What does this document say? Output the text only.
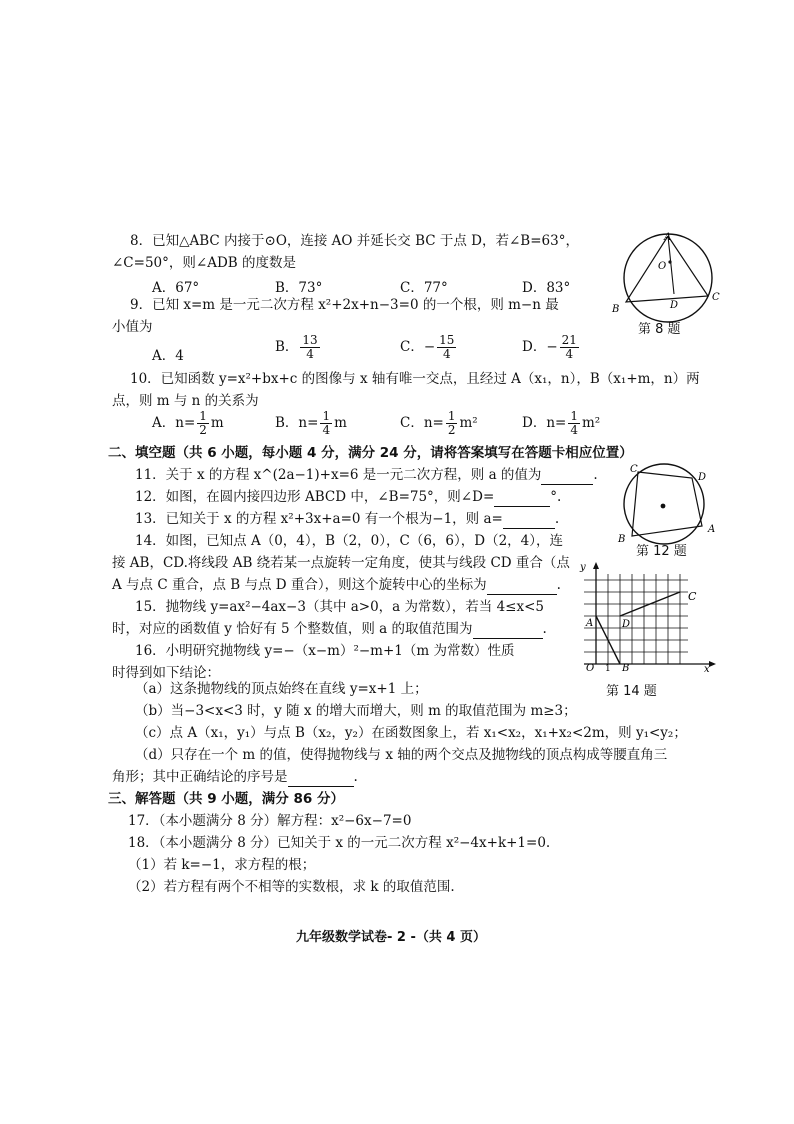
8．已知△ABC 内接于⊙O，连接 AO 并延长交 BC 于点 D，若∠B=63°，
∠C=50°，则∠ADB 的度数是
A．67°	B．73°	C．77°	D．83°
A
O
B	D
C
第 8 题
9．已知 x=m 是一元二次方程 x²+2x+n−3=0 的一个根，则 m−n 最
小值为
A．4
B． $\frac{13}{4}$	C．− $\frac{15}{4}$	D．− $\frac{21}{4}$
10．已知函数 y=x²+bx+c 的图像与 x 轴有唯一交点，且经过 A（x₁，n），B（x₁+m，n）两
点，则 m 与 n 的关系为
A．$n= \frac{1}{2}$ m	B．$n= \frac{1}{4}$ m	C．$n= \frac{1}{2} m^2$	D．$n= \frac{1}{4} m^2$
二、填空题（共 6 小题，每小题 4 分，满分 24 分，请将答案填写在答题卡相应位置）
11．关于 x 的方程 x^(2a−1)+x=6 是一元二次方程，则 a 的值为	.
12．如图，在圆内接四边形 ABCD 中，∠B=75°，则∠D=	°.
13．已知关于 x 的方程 x²+3x+a=0 有一个根为−1，则 a=	.
C
D
B
A
第 12 题
14．如图，已知点 A（0，4），B（2，0），C（6，6），D（2，4），连
接 AB，CD.将线段 AB 绕若某一点旋转一定角度，使其与线段 CD 重合（点
A 与点 C 重合，点 B 与点 D 重合），则这个旋转中心的坐标为	.
15．抛物线 y=ax²−4ax−3（其中 a>0，a 为常数），若当 4≤x<5
时，对应的函数值 y 恰好有 5 个整数值，则 a 的取值范围为	.
16．小明研究抛物线 y=−（x−m）²−m+1（m 为常数）性质
时得到如下结论：
y
C
A	D
O 1 B	x
第 14 题
（a）这条抛物线的顶点始终在直线 y=x+1 上；
（b）当−3<x<3 时，y 随 x 的增大而增大，则 m 的取值范围为 m≥3；
（c）点 A（x₁，y₁）与点 B（x₂，y₂）在函数图象上，若 x₁<x₂，x₁+x₂<2m，则 y₁<y₂；
（d）只存在一个 m 的值，使得抛物线与 x 轴的两个交点及抛物线的顶点构成等腰直角三
角形；其中正确结论的序号是	.
三、解答题（共 9 小题，满分 86 分）
17．（本小题满分 8 分）解方程：x²−6x−7=0
18．（本小题满分 8 分）已知关于 x 的一元二次方程 x²−4x+k+1=0.
（1）若 k=−1，求方程的根；
（2）若方程有两个不相等的实数根，求 k 的取值范围.
九年级数学试卷- 2 -（共 4 页）
